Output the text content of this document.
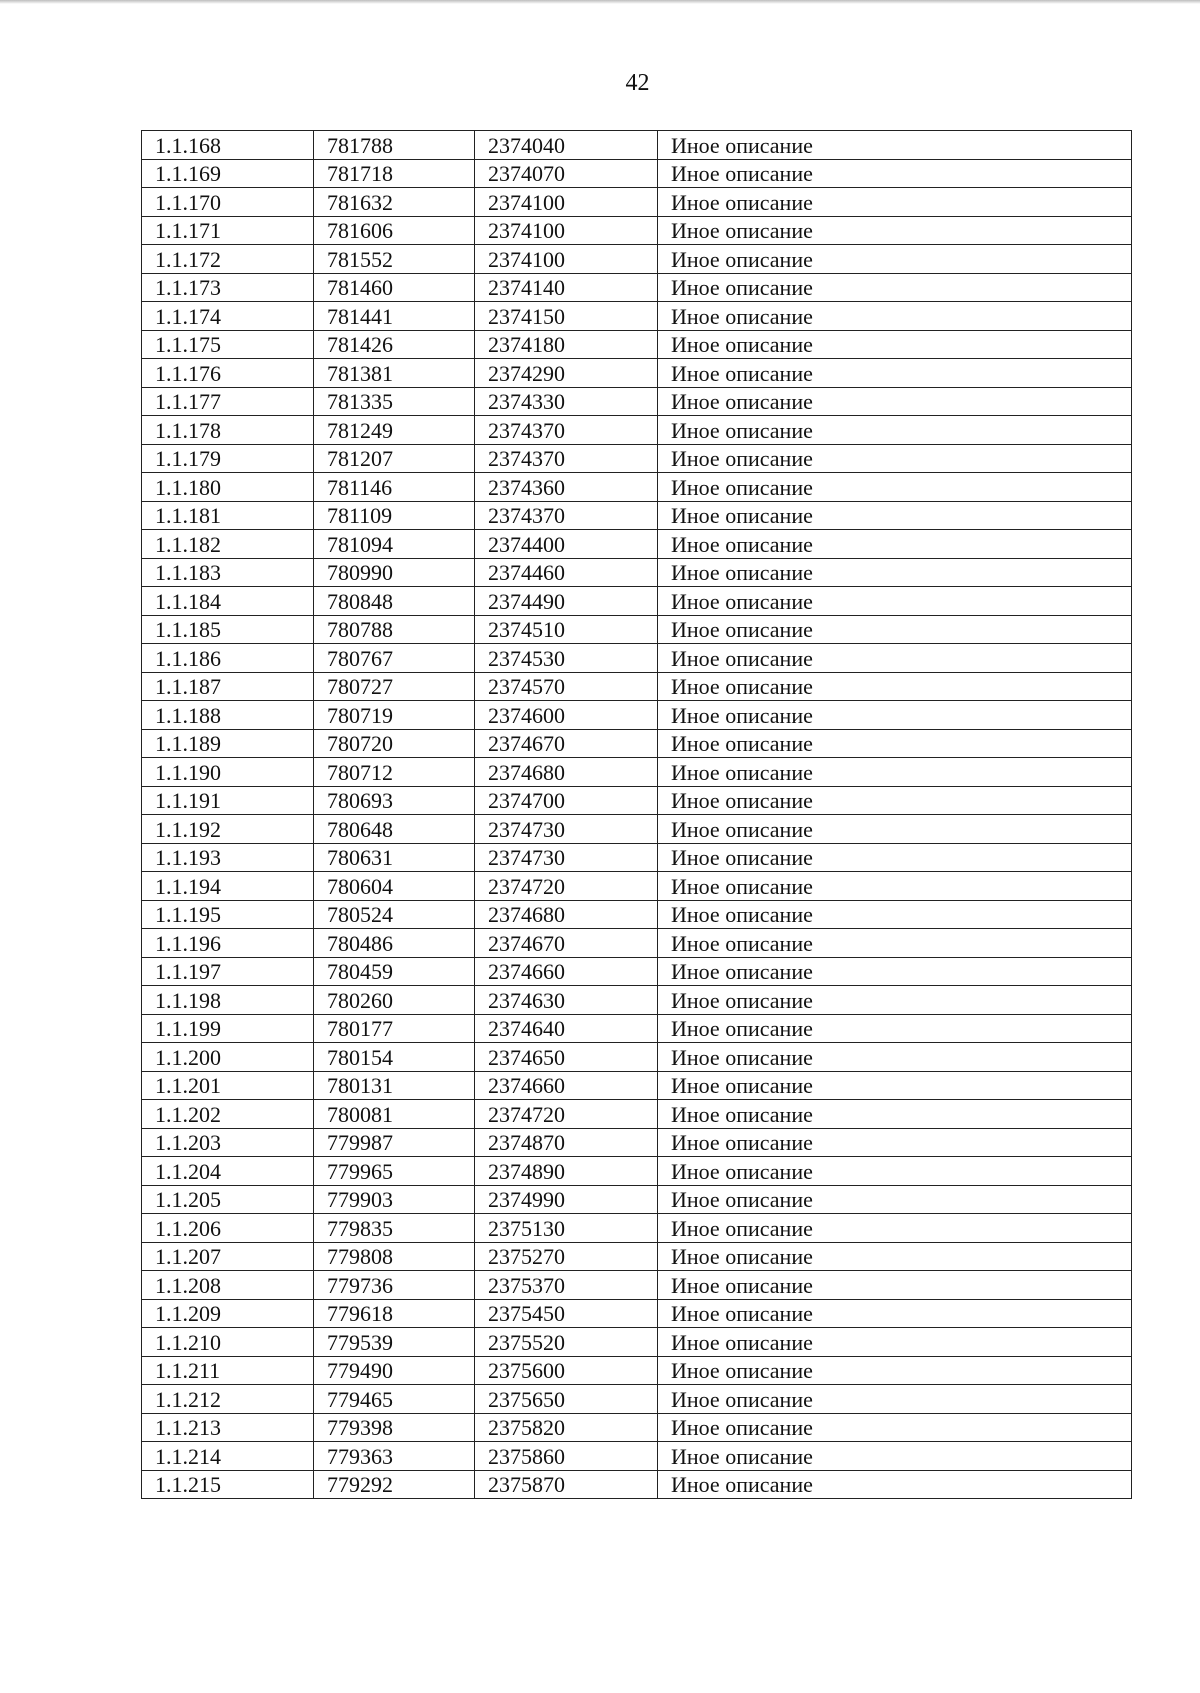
42
1.1.168	781788	2374040	Иное описание
1.1.169	781718	2374070	Иное описание
1.1.170	781632	2374100	Иное описание
1.1.171	781606	2374100	Иное описание
1.1.172	781552	2374100	Иное описание
1.1.173	781460	2374140	Иное описание
1.1.174	781441	2374150	Иное описание
1.1.175	781426	2374180	Иное описание
1.1.176	781381	2374290	Иное описание
1.1.177	781335	2374330	Иное описание
1.1.178	781249	2374370	Иное описание
1.1.179	781207	2374370	Иное описание
1.1.180	781146	2374360	Иное описание
1.1.181	781109	2374370	Иное описание
1.1.182	781094	2374400	Иное описание
1.1.183	780990	2374460	Иное описание
1.1.184	780848	2374490	Иное описание
1.1.185	780788	2374510	Иное описание
1.1.186	780767	2374530	Иное описание
1.1.187	780727	2374570	Иное описание
1.1.188	780719	2374600	Иное описание
1.1.189	780720	2374670	Иное описание
1.1.190	780712	2374680	Иное описание
1.1.191	780693	2374700	Иное описание
1.1.192	780648	2374730	Иное описание
1.1.193	780631	2374730	Иное описание
1.1.194	780604	2374720	Иное описание
1.1.195	780524	2374680	Иное описание
1.1.196	780486	2374670	Иное описание
1.1.197	780459	2374660	Иное описание
1.1.198	780260	2374630	Иное описание
1.1.199	780177	2374640	Иное описание
1.1.200	780154	2374650	Иное описание
1.1.201	780131	2374660	Иное описание
1.1.202	780081	2374720	Иное описание
1.1.203	779987	2374870	Иное описание
1.1.204	779965	2374890	Иное описание
1.1.205	779903	2374990	Иное описание
1.1.206	779835	2375130	Иное описание
1.1.207	779808	2375270	Иное описание
1.1.208	779736	2375370	Иное описание
1.1.209	779618	2375450	Иное описание
1.1.210	779539	2375520	Иное описание
1.1.211	779490	2375600	Иное описание
1.1.212	779465	2375650	Иное описание
1.1.213	779398	2375820	Иное описание
1.1.214	779363	2375860	Иное описание
1.1.215	779292	2375870	Иное описание
